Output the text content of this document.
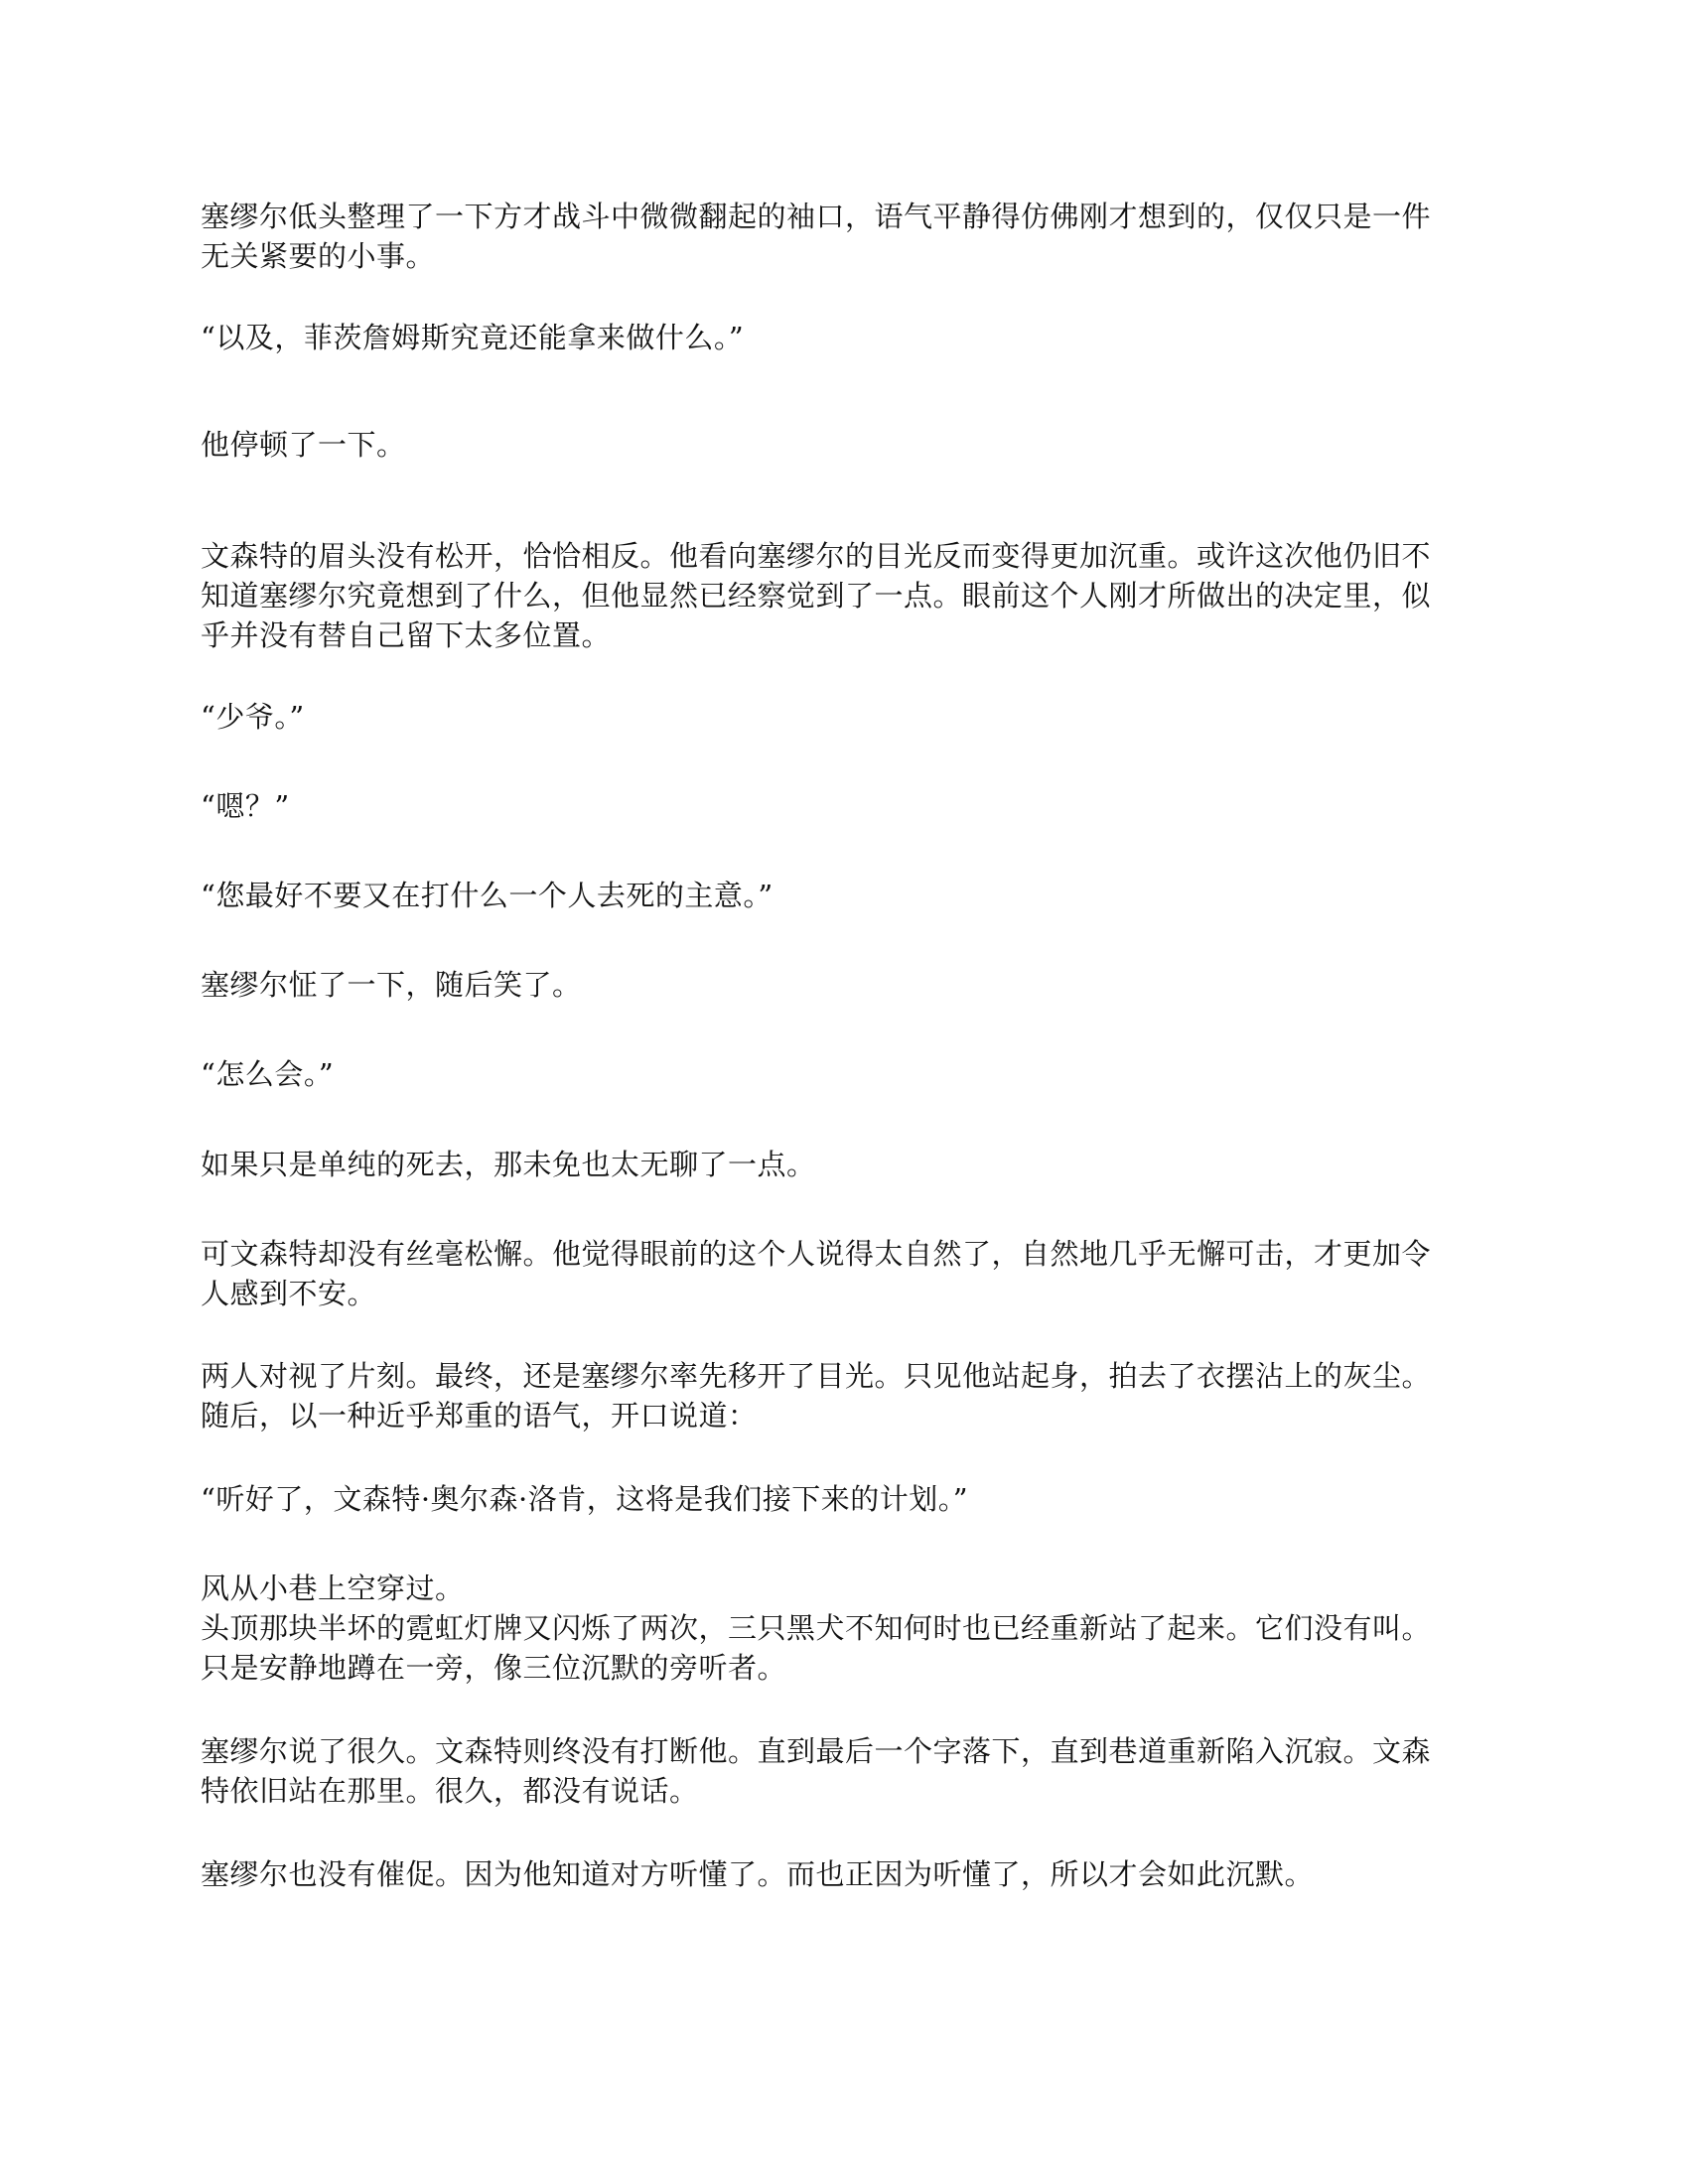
塞缪尔低头整理了一下方才战斗中微微翻起的袖口，语气平静得仿佛刚才想到的，仅仅只是一件
无关紧要的小事。
“以及，菲茨詹姆斯究竟还能拿来做什么。”
他停顿了一下。
文森特的眉头没有松开，恰恰相反。他看向塞缪尔的目光反而变得更加沉重。或许这次他仍旧不
知道塞缪尔究竟想到了什么，但他显然已经察觉到了一点。眼前这个人刚才所做出的决定里，似
乎并没有替自己留下太多位置。
“少爷。”
“嗯？”
“您最好不要又在打什么一个人去死的主意。”
塞缪尔怔了一下，随后笑了。
“怎么会。”
如果只是单纯的死去，那未免也太无聊了一点。
可文森特却没有丝毫松懈。他觉得眼前的这个人说得太自然了，自然地几乎无懈可击，才更加令
人感到不安。
两人对视了片刻。最终，还是塞缪尔率先移开了目光。只见他站起身，拍去了衣摆沾上的灰尘。
随后，以一种近乎郑重的语气，开口说道：
“听好了，文森特·奥尔森·洛肯，这将是我们接下来的计划。”
风从小巷上空穿过。
头顶那块半坏的霓虹灯牌又闪烁了两次，三只黑犬不知何时也已经重新站了起来。它们没有叫。
只是安静地蹲在一旁，像三位沉默的旁听者。
塞缪尔说了很久。文森特则终没有打断他。直到最后一个字落下，直到巷道重新陷入沉寂。文森
特依旧站在那里。很久，都没有说话。
塞缪尔也没有催促。因为他知道对方听懂了。而也正因为听懂了，所以才会如此沉默。
